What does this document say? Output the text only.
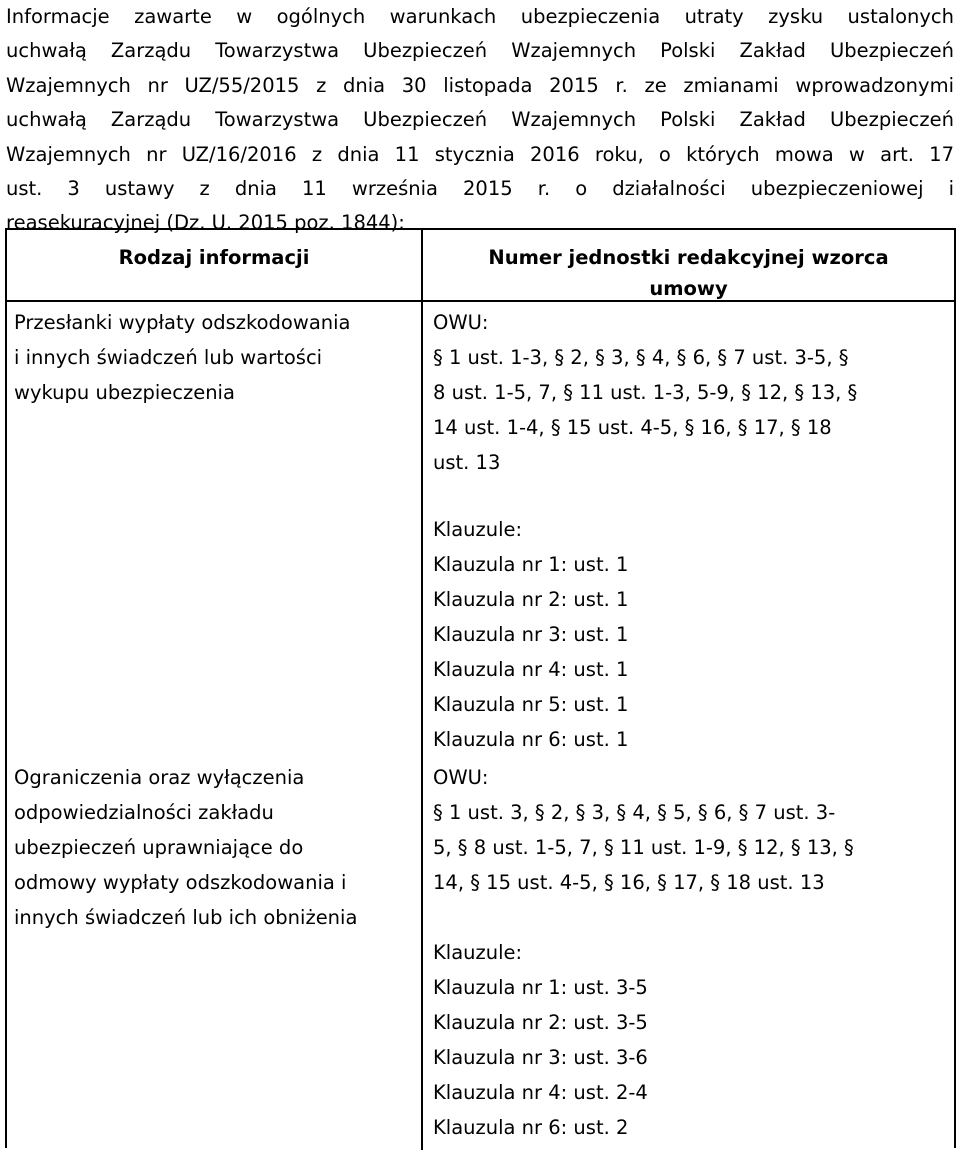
Informacje zawarte w ogólnych warunkach ubezpieczenia utraty zysku ustalonych
uchwałą Zarządu Towarzystwa Ubezpieczeń Wzajemnych Polski Zakład Ubezpieczeń
Wzajemnych nr UZ/55/2015 z dnia 30 listopada 2015 r. ze zmianami wprowadzonymi
uchwałą Zarządu Towarzystwa Ubezpieczeń Wzajemnych Polski Zakład Ubezpieczeń
Wzajemnych nr UZ/16/2016 z dnia 11 stycznia 2016 roku, o których mowa w art. 17
ust. 3 ustawy z dnia 11 września 2015 r. o działalności ubezpieczeniowej i
reasekuracyjnej (Dz. U. 2015 poz. 1844):
Rodzaj informacji	Numer jednostki redakcyjnej wzorca
umowy
Przesłanki wypłaty odszkodowania
i innych świadczeń lub wartości
wykupu ubezpieczenia
OWU:
§ 1 ust. 1-3, § 2, § 3, § 4, § 6, § 7 ust. 3-5, §
8 ust. 1-5, 7, § 11 ust. 1-3, 5-9, § 12, § 13, §
14 ust. 1-4, § 15 ust. 4-5, § 16, § 17, § 18
ust. 13
Klauzule:
Klauzula nr 1: ust. 1
Klauzula nr 2: ust. 1
Klauzula nr 3: ust. 1
Klauzula nr 4: ust. 1
Klauzula nr 5: ust. 1
Klauzula nr 6: ust. 1
Ograniczenia oraz wyłączenia
odpowiedzialności zakładu
ubezpieczeń uprawniające do
odmowy wypłaty odszkodowania i
innych świadczeń lub ich obniżenia
OWU:
§ 1 ust. 3, § 2, § 3, § 4, § 5, § 6, § 7 ust. 3-
5, § 8 ust. 1-5, 7, § 11 ust. 1-9, § 12, § 13, §
14, § 15 ust. 4-5, § 16, § 17, § 18 ust. 13
Klauzule:
Klauzula nr 1: ust. 3-5
Klauzula nr 2: ust. 3-5
Klauzula nr 3: ust. 3-6
Klauzula nr 4: ust. 2-4
Klauzula nr 6: ust. 2
